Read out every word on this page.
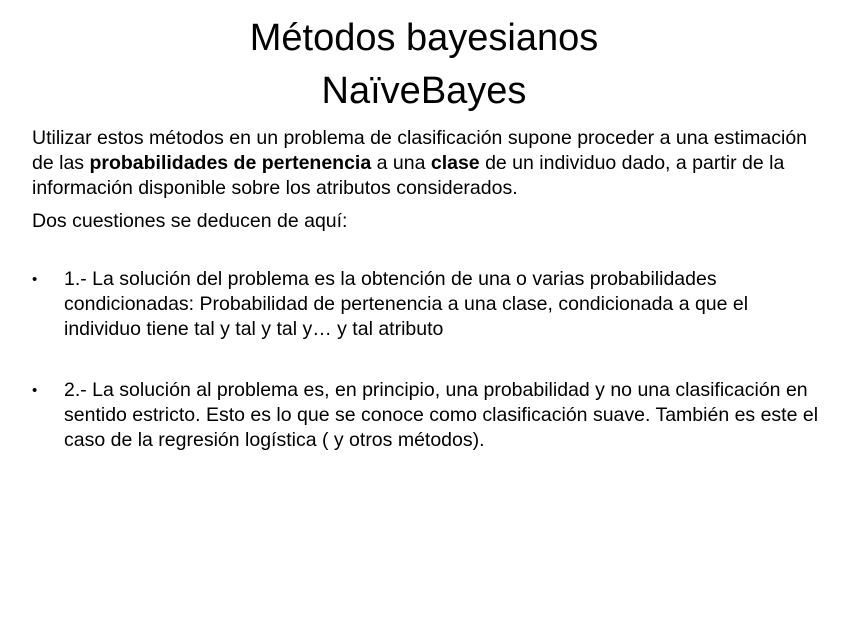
Métodos bayesianos
NaïveBayes

Utilizar estos métodos en un problema de clasificación supone proceder a una estimación de las probabilidades de pertenencia a una clase de un individuo dado, a partir de la información disponible sobre los atributos considerados.

Dos cuestiones se deducen de aquí:

• 1.- La solución del problema es la obtención de una o varias probabilidades condicionadas: Probabilidad de pertenencia a una clase, condicionada a que el individuo tiene tal y tal y tal y… y tal atributo
• 2.- La solución al problema es, en principio, una probabilidad y no una clasificación en sentido estricto. Esto es lo que se conoce como clasificación suave. También es este el caso de la regresión logística ( y otros métodos).
